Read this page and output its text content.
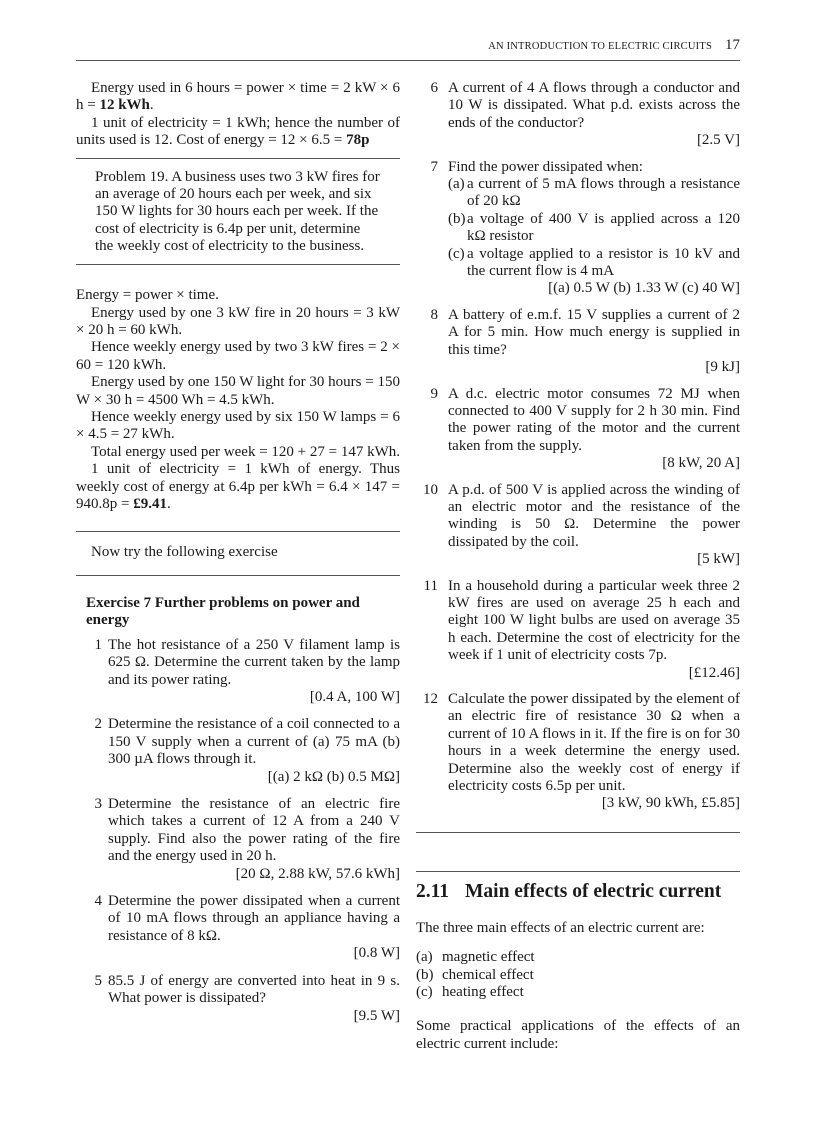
AN INTRODUCTION TO ELECTRIC CIRCUITS 17

Energy used in 6 hours = power × time = 2 kW × 6 h = 12 kWh.

1 unit of electricity = 1 kWh; hence the number of units used is 12. Cost of energy = 12 × 6.5 = 78p

Problem 19. A business uses two 3 kW fires for an average of 20 hours each per week, and six 150 W lights for 30 hours each per week. If the cost of electricity is 6.4p per unit, determine the weekly cost of electricity to the business.

Energy = power × time.

Energy used by one 3 kW fire in 20 hours = 3 kW × 20 h = 60 kWh.

Hence weekly energy used by two 3 kW fires = 2 × 60 = 120 kWh.

Energy used by one 150 W light for 30 hours = 150 W × 30 h = 4500 Wh = 4.5 kWh.

Hence weekly energy used by six 150 W lamps = 6 × 4.5 = 27 kWh.

Total energy used per week = 120 + 27 = 147 kWh.

1 unit of electricity = 1 kWh of energy. Thus weekly cost of energy at 6.4p per kWh = 6.4 × 147 = 940.8p = £9.41.

Now try the following exercise

Exercise 7 Further problems on power and energy
1 The hot resistance of a 250 V filament lamp is 625 Ω. Determine the current taken by the lamp and its power rating.

[0.4 A, 100 W]
2 Determine the resistance of a coil connected to a 150 V supply when a current of (a) 75 mA (b) 300 µA flows through it.

[(a) 2 kΩ (b) 0.5 MΩ]
3 Determine the resistance of an electric fire which takes a current of 12 A from a 240 V supply. Find also the power rating of the fire and the energy used in 20 h.

[20 Ω, 2.88 kW, 57.6 kWh]
4 Determine the power dissipated when a current of 10 mA flows through an appliance having a resistance of 8 kΩ.

[0.8 W]
5 85.5 J of energy are converted into heat in 9 s. What power is dissipated?

[9.5 W]
6 A current of 4 A flows through a conductor and 10 W is dissipated. What p.d. exists across the ends of the conductor?

[2.5 V]
7 Find the power dissipated when:

(a) a current of 5 mA flows through a resistance of 20 kΩ

(b) a voltage of 400 V is applied across a 120 kΩ resistor

(c) a voltage applied to a resistor is 10 kV and the current flow is 4 mA

[(a) 0.5 W (b) 1.33 W (c) 40 W]
8 A battery of e.m.f. 15 V supplies a current of 2 A for 5 min. How much energy is supplied in this time?

[9 kJ]
9 A d.c. electric motor consumes 72 MJ when connected to 400 V supply for 2 h 30 min. Find the power rating of the motor and the current taken from the supply.

[8 kW, 20 A]
10 A p.d. of 500 V is applied across the winding of an electric motor and the resistance of the winding is 50 Ω. Determine the power dissipated by the coil.

[5 kW]
11 In a household during a particular week three 2 kW fires are used on average 25 h each and eight 100 W light bulbs are used on average 35 h each. Determine the cost of electricity for the week if 1 unit of electricity costs 7p.

[£12.46]
12 Calculate the power dissipated by the element of an electric fire of resistance 30 Ω when a current of 10 A flows in it. If the fire is on for 30 hours in a week determine the energy used. Determine also the weekly cost of energy if electricity costs 6.5p per unit.

[3 kW, 90 kWh, £5.85]
2.11 Main effects of electric current

The three main effects of an electric current are:

(a) magnetic effect
(b) chemical effect
(c) heating effect

Some practical applications of the effects of an electric current include:
